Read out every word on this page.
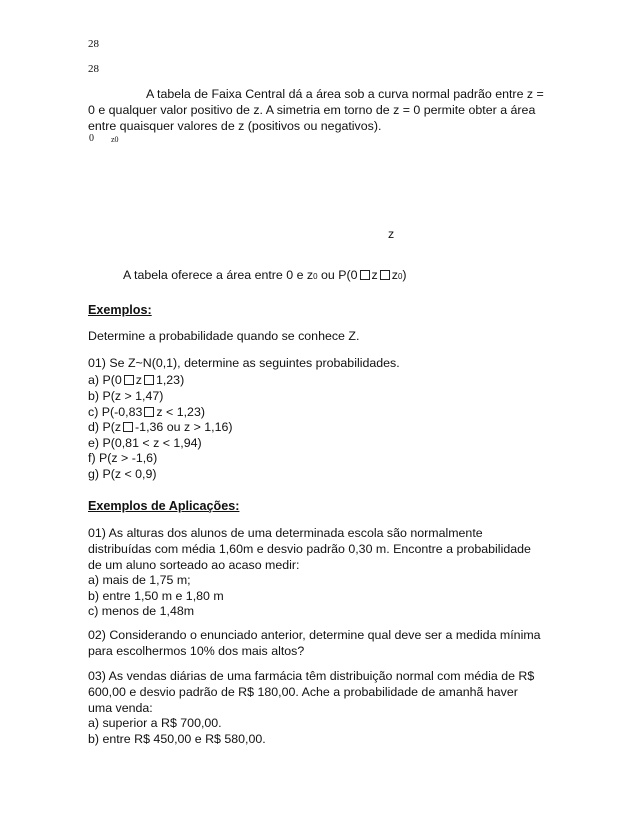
28
28
A tabela de Faixa Central dá a área sob a curva normal padrão entre z =
0 e qualquer valor positivo de z. A simetria em torno de z = 0 permite obter a área
entre quaisquer valores de z (positivos ou negativos).
0 z0
z
A tabela oferece a área entre 0 e z0 ou P(0 z z0)
Exemplos:
Determine a probabilidade quando se conhece Z.
01) Se Z~N(0,1), determine as seguintes probabilidades.
a) P(0 z 1,23)
b) P(z > 1,47)
c) P(-0,83 z < 1,23)
d) P(z -1,36 ou z > 1,16)
e) P(0,81 < z < 1,94)
f) P(z > -1,6)
g) P(z < 0,9)
Exemplos de Aplicações:
01) As alturas dos alunos de uma determinada escola são normalmente
distribuídas com média 1,60m e desvio padrão 0,30 m. Encontre a probabilidade
de um aluno sorteado ao acaso medir:
a) mais de 1,75 m;
b) entre 1,50 m e 1,80 m
c) menos de 1,48m
02) Considerando o enunciado anterior, determine qual deve ser a medida mínima
para escolhermos 10% dos mais altos?
03) As vendas diárias de uma farmácia têm distribuição normal com média de R$
600,00 e desvio padrão de R$ 180,00. Ache a probabilidade de amanhã haver
uma venda:
a) superior a R$ 700,00.
b) entre R$ 450,00 e R$ 580,00.
